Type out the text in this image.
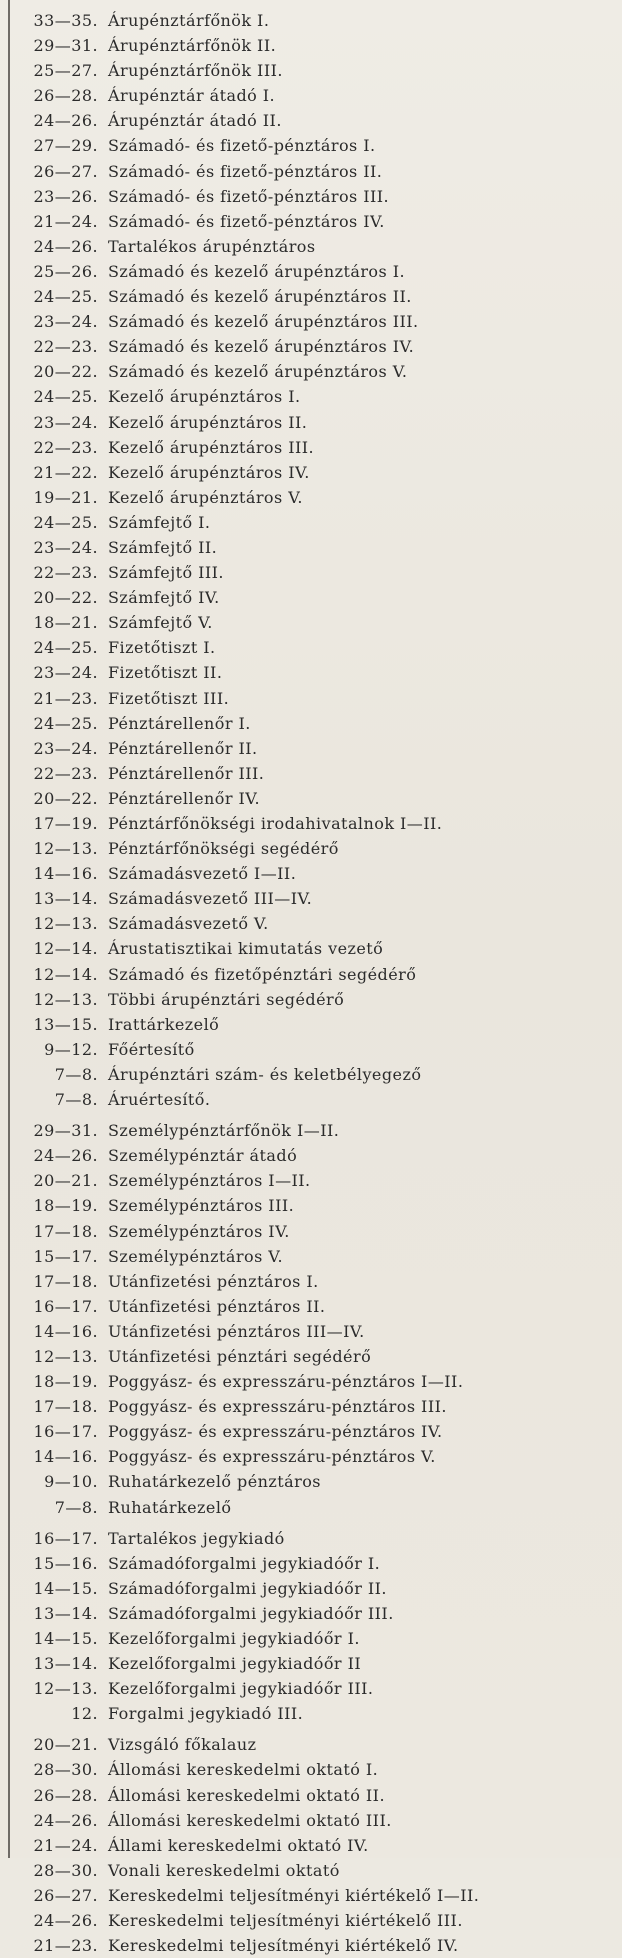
33—35. Árupénztárfőnök I.
29—31. Árupénztárfőnök II.
25—27. Árupénztárfőnök III.
26—28. Árupénztár átadó I.
24—26. Árupénztár átadó II.
27—29. Számadó- és fizető-pénztáros I.
26—27. Számadó- és fizető-pénztáros II.
23—26. Számadó- és fizető-pénztáros III.
21—24. Számadó- és fizető-pénztáros IV.
24—26. Tartalékos árupénztáros
25—26. Számadó és kezelő árupénztáros I.
24—25. Számadó és kezelő árupénztáros II.
23—24. Számadó és kezelő árupénztáros III.
22—23. Számadó és kezelő árupénztáros IV.
20—22. Számadó és kezelő árupénztáros V.
24—25. Kezelő árupénztáros I.
23—24. Kezelő árupénztáros II.
22—23. Kezelő árupénztáros III.
21—22. Kezelő árupénztáros IV.
19—21. Kezelő árupénztáros V.
24—25. Számfejtő I.
23—24. Számfejtő II.
22—23. Számfejtő III.
20—22. Számfejtő IV.
18—21. Számfejtő V.
24—25. Fizetőtiszt I.
23—24. Fizetőtiszt II.
21—23. Fizetőtiszt III.
24—25. Pénztárellenőr I.
23—24. Pénztárellenőr II.
22—23. Pénztárellenőr III.
20—22. Pénztárellenőr IV.
17—19. Pénztárfőnökségi irodahivatalnok I—II.
12—13. Pénztárfőnökségi segédérő
14—16. Számadásvezető I—II.
13—14. Számadásvezető III—IV.
12—13. Számadásvezető V.
12—14. Árustatisztikai kimutatás vezető
12—14. Számadó és fizetőpénztári segédérő
12—13. Többi árupénztári segédérő
13—15. Irattárkezelő
9—12. Főértesítő
7—8. Árupénztári szám- és keletbélyegező
7—8. Áruértesítő.
29—31. Személypénztárfőnök I—II.
24—26. Személypénztár átadó
20—21. Személypénztáros I—II.
18—19. Személypénztáros III.
17—18. Személypénztáros IV.
15—17. Személypénztáros V.
17—18. Utánfizetési pénztáros I.
16—17. Utánfizetési pénztáros II.
14—16. Utánfizetési pénztáros III—IV.
12—13. Utánfizetési pénztári segédérő
18—19. Poggyász- és expresszáru-pénztáros I—II.
17—18. Poggyász- és expresszáru-pénztáros III.
16—17. Poggyász- és expresszáru-pénztáros IV.
14—16. Poggyász- és expresszáru-pénztáros V.
9—10. Ruhatárkezelő pénztáros
7—8. Ruhatárkezelő
16—17. Tartalékos jegykiadó
15—16. Számadóforgalmi jegykiadóőr I.
14—15. Számadóforgalmi jegykiadóőr II.
13—14. Számadóforgalmi jegykiadóőr III.
14—15. Kezelőforgalmi jegykiadóőr I.
13—14. Kezelőforgalmi jegykiadóőr II
12—13. Kezelőforgalmi jegykiadóőr III.
12. Forgalmi jegykiadó III.
20—21. Vizsgáló főkalauz
28—30. Állomási kereskedelmi oktató I.
26—28. Állomási kereskedelmi oktató II.
24—26. Állomási kereskedelmi oktató III.
21—24. Állami kereskedelmi oktató IV.
28—30. Vonali kereskedelmi oktató
26—27. Kereskedelmi teljesítményi kiértékelő I—II.
24—26. Kereskedelmi teljesítményi kiértékelő III.
21—23. Kereskedelmi teljesítményi kiértékelő IV.
